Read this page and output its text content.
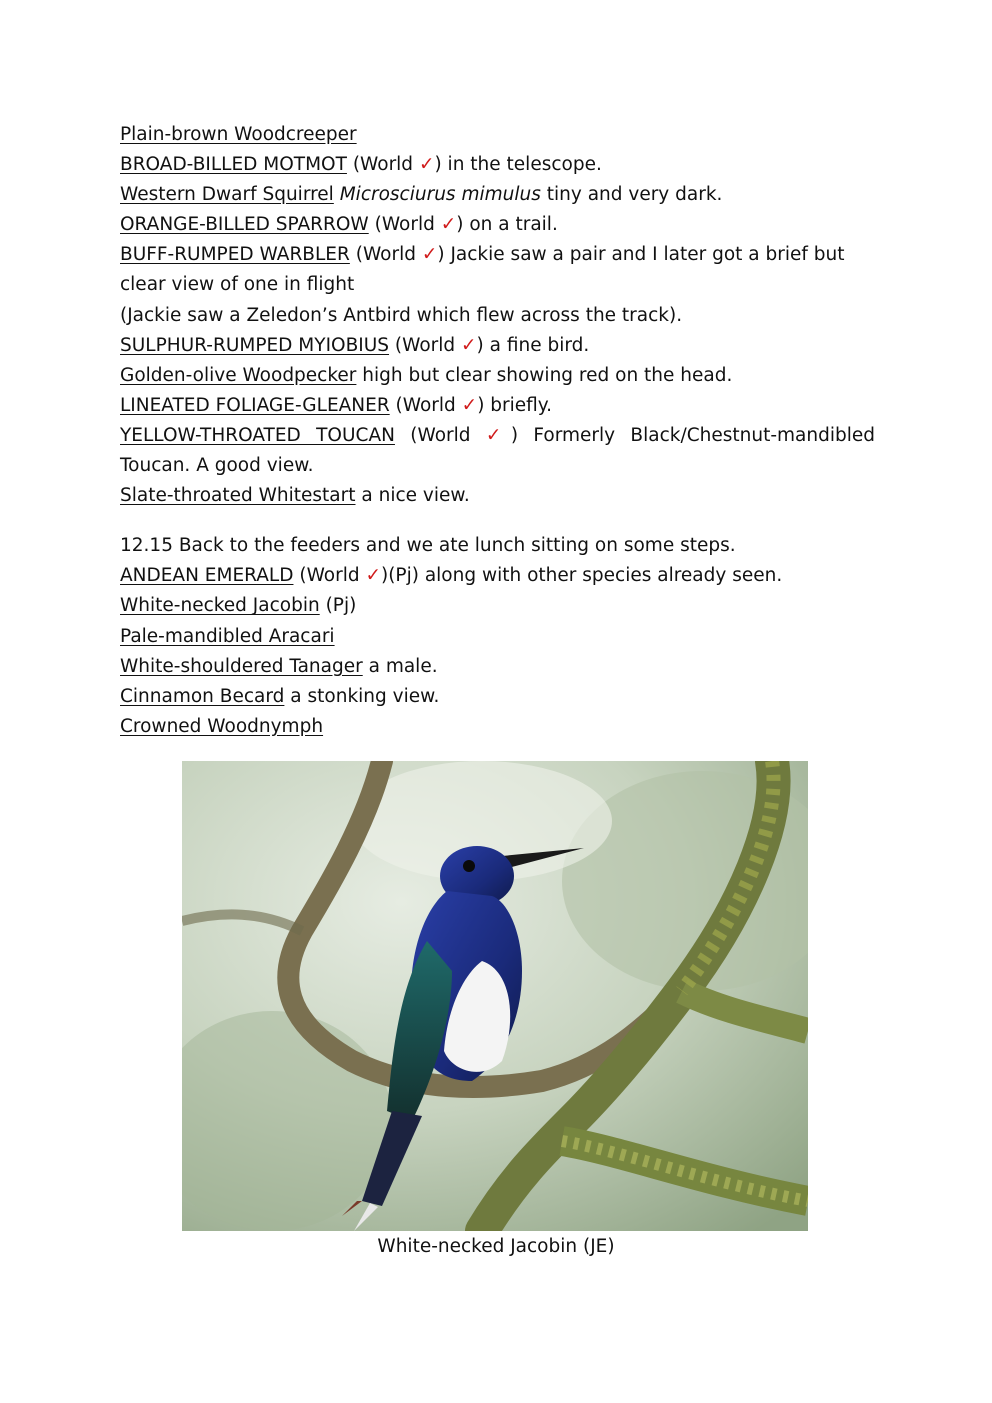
Plain-brown Woodcreeper
BROAD-BILLED MOTMOT (World ✓) in the telescope.
Western Dwarf Squirrel Microsciurus mimulus tiny and very dark.
ORANGE-BILLED SPARROW (World ✓) on a trail.
BUFF-RUMPED WARBLER (World ✓) Jackie saw a pair and I later got a brief but clear view of one in flight
(Jackie saw a Zeledon’s Antbird which flew across the track).
SULPHUR-RUMPED MYIOBIUS (World ✓) a fine bird.
Golden-olive Woodpecker high but clear showing red on the head.
LINEATED FOLIAGE-GLEANER (World ✓) briefly.
YELLOW-THROATED TOUCAN (World ✓) Formerly Black/Chestnut-mandibled Toucan. A good view.
Slate-throated Whitestart a nice view.
12.15 Back to the feeders and we ate lunch sitting on some steps.
ANDEAN EMERALD (World ✓)(Pj) along with other species already seen.
White-necked Jacobin (Pj)
Pale-mandibled Aracari
White-shouldered Tanager a male.
Cinnamon Becard a stonking view.
Crowned Woodnymph
White-necked Jacobin (JE)
